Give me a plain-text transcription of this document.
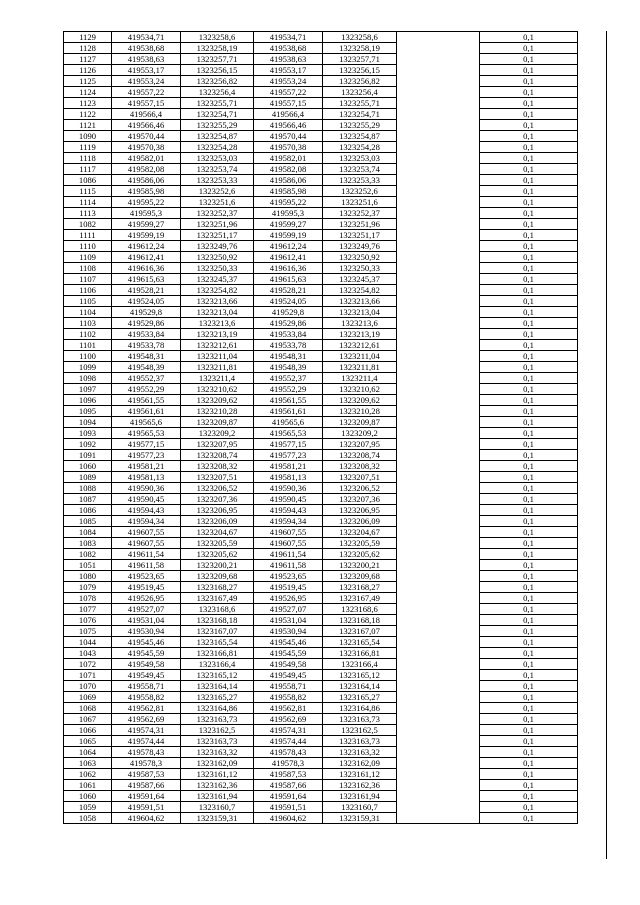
1129	419534,71	1323258,6	419534,71	1323258,6		0,1
1128	419538,68	1323258,19	419538,68	1323258,19		0,1
1127	419538,63	1323257,71	419538,63	1323257,71		0,1
1126	419553,17	1323256,15	419553,17	1323256,15		0,1
1125	419553,24	1323256,82	419553,24	1323256,82		0,1
1124	419557,22	1323256,4	419557,22	1323256,4		0,1
1123	419557,15	1323255,71	419557,15	1323255,71		0,1
1122	419566,4	1323254,71	419566,4	1323254,71		0,1
1121	419566,46	1323255,29	419566,46	1323255,29		0,1
1090	419570,44	1323254,87	419570,44	1323254,87		0,1
1119	419570,38	1323254,28	419570,38	1323254,28		0,1
1118	419582,01	1323253,03	419582,01	1323253,03		0,1
1117	419582,08	1323253,74	419582,08	1323253,74		0,1
1086	419586,06	1323253,33	419586,06	1323253,33		0,1
1115	419585,98	1323252,6	419585,98	1323252,6		0,1
1114	419595,22	1323251,6	419595,22	1323251,6		0,1
1113	419595,3	1323252,37	419595,3	1323252,37		0,1
1082	419599,27	1323251,96	419599,27	1323251,96		0,1
1111	419599,19	1323251,17	419599,19	1323251,17		0,1
1110	419612,24	1323249,76	419612,24	1323249,76		0,1
1109	419612,41	1323250,92	419612,41	1323250,92		0,1
1108	419616,36	1323250,33	419616,36	1323250,33		0,1
1107	419615,63	1323245,37	419615,63	1323245,37		0,1
1106	419528,21	1323254,82	419528,21	1323254,82		0,1
1105	419524,05	1323213,66	419524,05	1323213,66		0,1
1104	419529,8	1323213,04	419529,8	1323213,04		0,1
1103	419529,86	1323213,6	419529,86	1323213,6		0,1
1102	419533,84	1323213,19	419533,84	1323213,19		0,1
1101	419533,78	1323212,61	419533,78	1323212,61		0,1
1100	419548,31	1323211,04	419548,31	1323211,04		0,1
1099	419548,39	1323211,81	419548,39	1323211,81		0,1
1098	419552,37	1323211,4	419552,37	1323211,4		0,1
1097	419552,29	1323210,62	419552,29	1323210,62		0,1
1096	419561,55	1323209,62	419561,55	1323209,62		0,1
1095	419561,61	1323210,28	419561,61	1323210,28		0,1
1094	419565,6	1323209,87	419565,6	1323209,87		0,1
1093	419565,53	1323209,2	419565,53	1323209,2		0,1
1092	419577,15	1323207,95	419577,15	1323207,95		0,1
1091	419577,23	1323208,74	419577,23	1323208,74		0,1
1060	419581,21	1323208,32	419581,21	1323208,32		0,1
1089	419581,13	1323207,51	419581,13	1323207,51		0,1
1088	419590,36	1323206,52	419590,36	1323206,52		0,1
1087	419590,45	1323207,36	419590,45	1323207,36		0,1
1086	419594,43	1323206,95	419594,43	1323206,95		0,1
1085	419594,34	1323206,09	419594,34	1323206,09		0,1
1084	419607,55	1323204,67	419607,55	1323204,67		0,1
1083	419607,55	1323205,59	419607,55	1323205,59		0,1
1082	419611,54	1323205,62	419611,54	1323205,62		0,1
1051	419611,58	1323200,21	419611,58	1323200,21		0,1
1080	419523,65	1323209,68	419523,65	1323209,68		0,1
1079	419519,45	1323168,27	419519,45	1323168,27		0,1
1078	419526,95	1323167,49	419526,95	1323167,49		0,1
1077	419527,07	1323168,6	419527,07	1323168,6		0,1
1076	419531,04	1323168,18	419531,04	1323168,18		0,1
1075	419530,94	1323167,07	419530,94	1323167,07		0,1
1044	419545,46	1323165,54	419545,46	1323165,54		0,1
1043	419545,59	1323166,81	419545,59	1323166,81		0,1
1072	419549,58	1323166,4	419549,58	1323166,4		0,1
1071	419549,45	1323165,12	419549,45	1323165,12		0,1
1070	419558,71	1323164,14	419558,71	1323164,14		0,1
1069	419558,82	1323165,27	419558,82	1323165,27		0,1
1068	419562,81	1323164,86	419562,81	1323164,86		0,1
1067	419562,69	1323163,73	419562,69	1323163,73		0,1
1066	419574,31	1323162,5	419574,31	1323162,5		0,1
1065	419574,44	1323163,73	419574,44	1323163,73		0,1
1064	419578,43	1323163,32	419578,43	1323163,32		0,1
1063	419578,3	1323162,09	419578,3	1323162,09		0,1
1062	419587,53	1323161,12	419587,53	1323161,12		0,1
1061	419587,66	1323162,36	419587,66	1323162,36		0,1
1060	419591,64	1323161,94	419591,64	1323161,94		0,1
1059	419591,51	1323160,7	419591,51	1323160,7		0,1
1058	419604,62	1323159,31	419604,62	1323159,31		0,1
